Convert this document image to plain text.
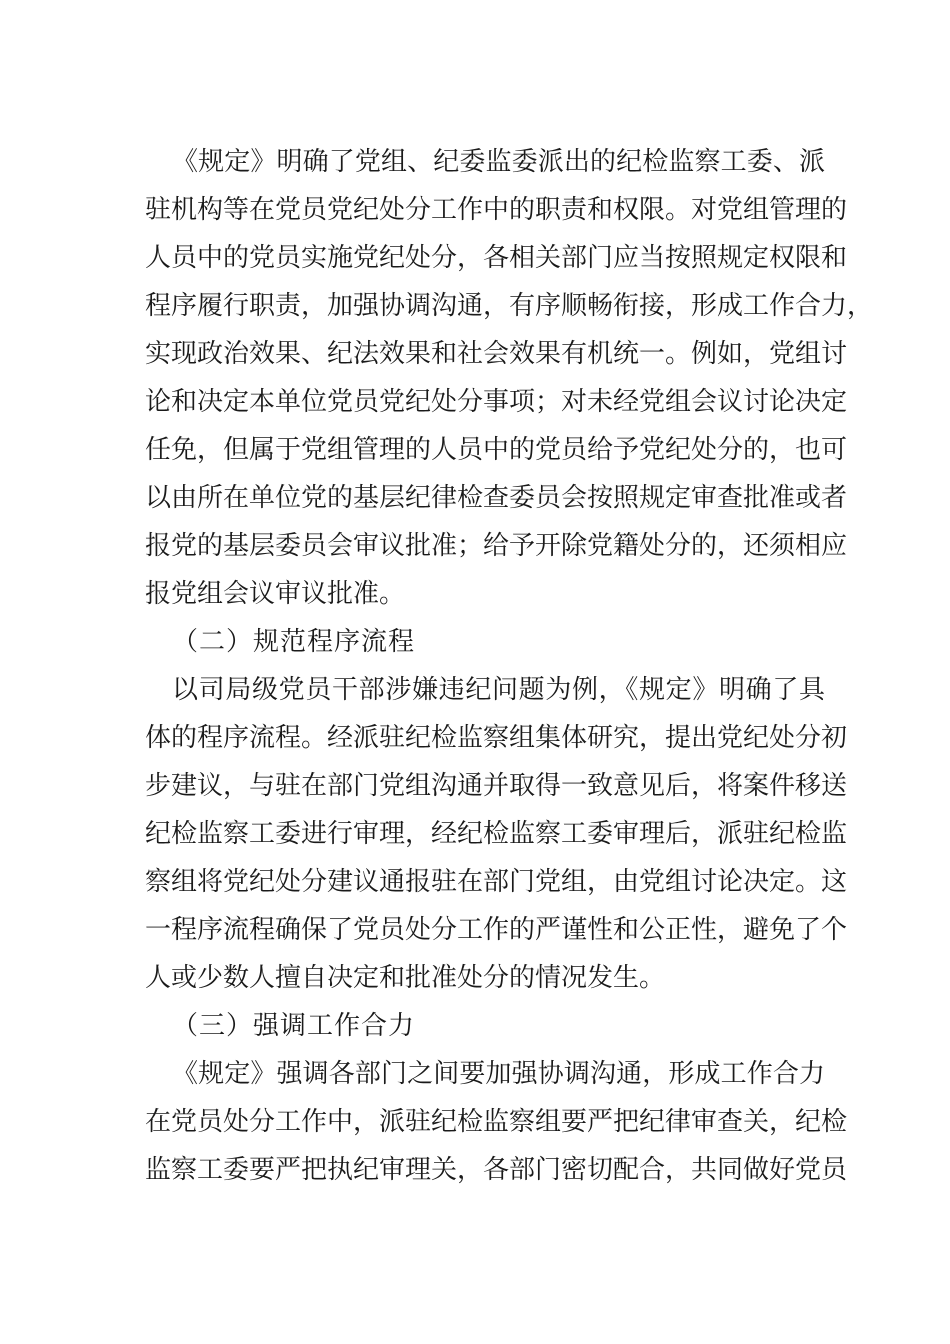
《规定》明确了党组、纪委监委派出的纪检监察工委、派
驻机构等在党员党纪处分工作中的职责和权限。对党组管理的
人员中的党员实施党纪处分，各相关部门应当按照规定权限和
程序履行职责，加强协调沟通，有序顺畅衔接，形成工作合力，
实现政治效果、纪法效果和社会效果有机统一。例如，党组讨
论和决定本单位党员党纪处分事项；对未经党组会议讨论决定
任免，但属于党组管理的人员中的党员给予党纪处分的，也可
以由所在单位党的基层纪律检查委员会按照规定审查批准或者
报党的基层委员会审议批准；给予开除党籍处分的，还须相应
报党组会议审议批准。
（二）规范程序流程
以司局级党员干部涉嫌违纪问题为例，《规定》明确了具
体的程序流程。经派驻纪检监察组集体研究，提出党纪处分初
步建议，与驻在部门党组沟通并取得一致意见后，将案件移送
纪检监察工委进行审理，经纪检监察工委审理后，派驻纪检监
察组将党纪处分建议通报驻在部门党组，由党组讨论决定。这
一程序流程确保了党员处分工作的严谨性和公正性，避免了个
人或少数人擅自决定和批准处分的情况发生。
（三）强调工作合力
《规定》强调各部门之间要加强协调沟通，形成工作合力
在党员处分工作中，派驻纪检监察组要严把纪律审查关，纪检
监察工委要严把执纪审理关，各部门密切配合，共同做好党员
